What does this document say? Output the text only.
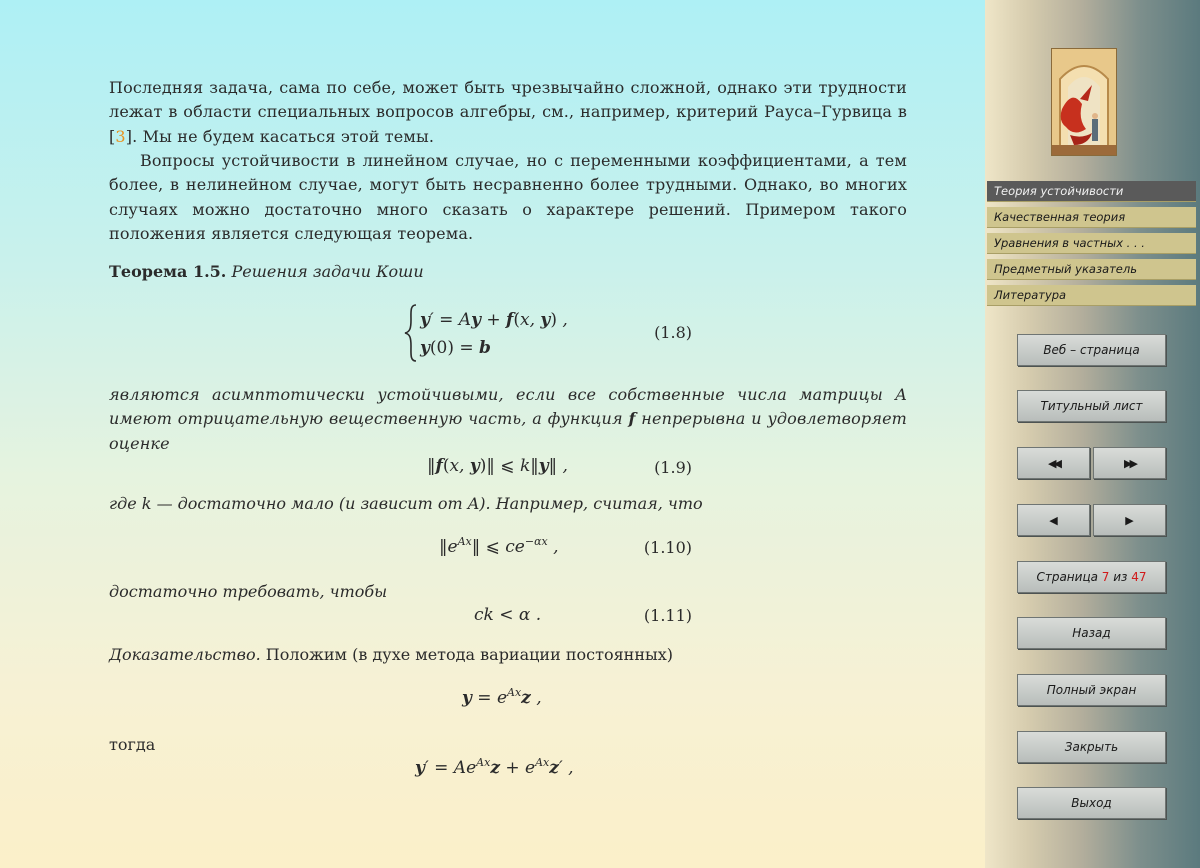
Последняя задача, сама по себе, может быть чрезвычайно сложной, однако эти трудности лежат в области специальных вопросов алгебры, см., например, критерий Рауса–Гурвица в [3]. Мы не будем касаться этой темы.

Вопросы устойчивости в линейном случае, но с переменными коэффициентами, а тем более, в нелинейном случае, могут быть несравненно более трудными. Однако, во многих случаях можно достаточно много сказать о характере решений. Примером такого положения является следующая теорема.

Теорема 1.5. Решения задачи Коши
y′ = Ay + f(x, y) ,
y(0) = b
(1.8)

являются асимптотически устойчивыми, если все собственные числа матрицы A имеют отрицательную вещественную часть, а функция f непрерывна и удовлетворяет оценке

‖f(x, y)‖ ⩽ k‖y‖ ,	(1.9)
где k — достаточно мало (и зависит от A). Например, считая, что
$‖e^{Ax}‖$ ⩽ $ce^{-\alpha x}$ ,	(1.10)
достаточно требовать, чтобы
ck < α .	(1.11)
Доказательство. Положим (в духе метода вариации постоянных)
$y = e^{Ax}z$ ,
тогда
$y' = Ae^{Ax}z + e^{Ax}z'$ ,
Теория устойчивости
Качественная теория
Уравнения в частных . . .
Предметный указатель
Литература
Веб – страница
Титульный лист
◀◀	▶▶
◀	▶
Страница 7 из 47
Назад
Полный экран
Закрыть
Выход
